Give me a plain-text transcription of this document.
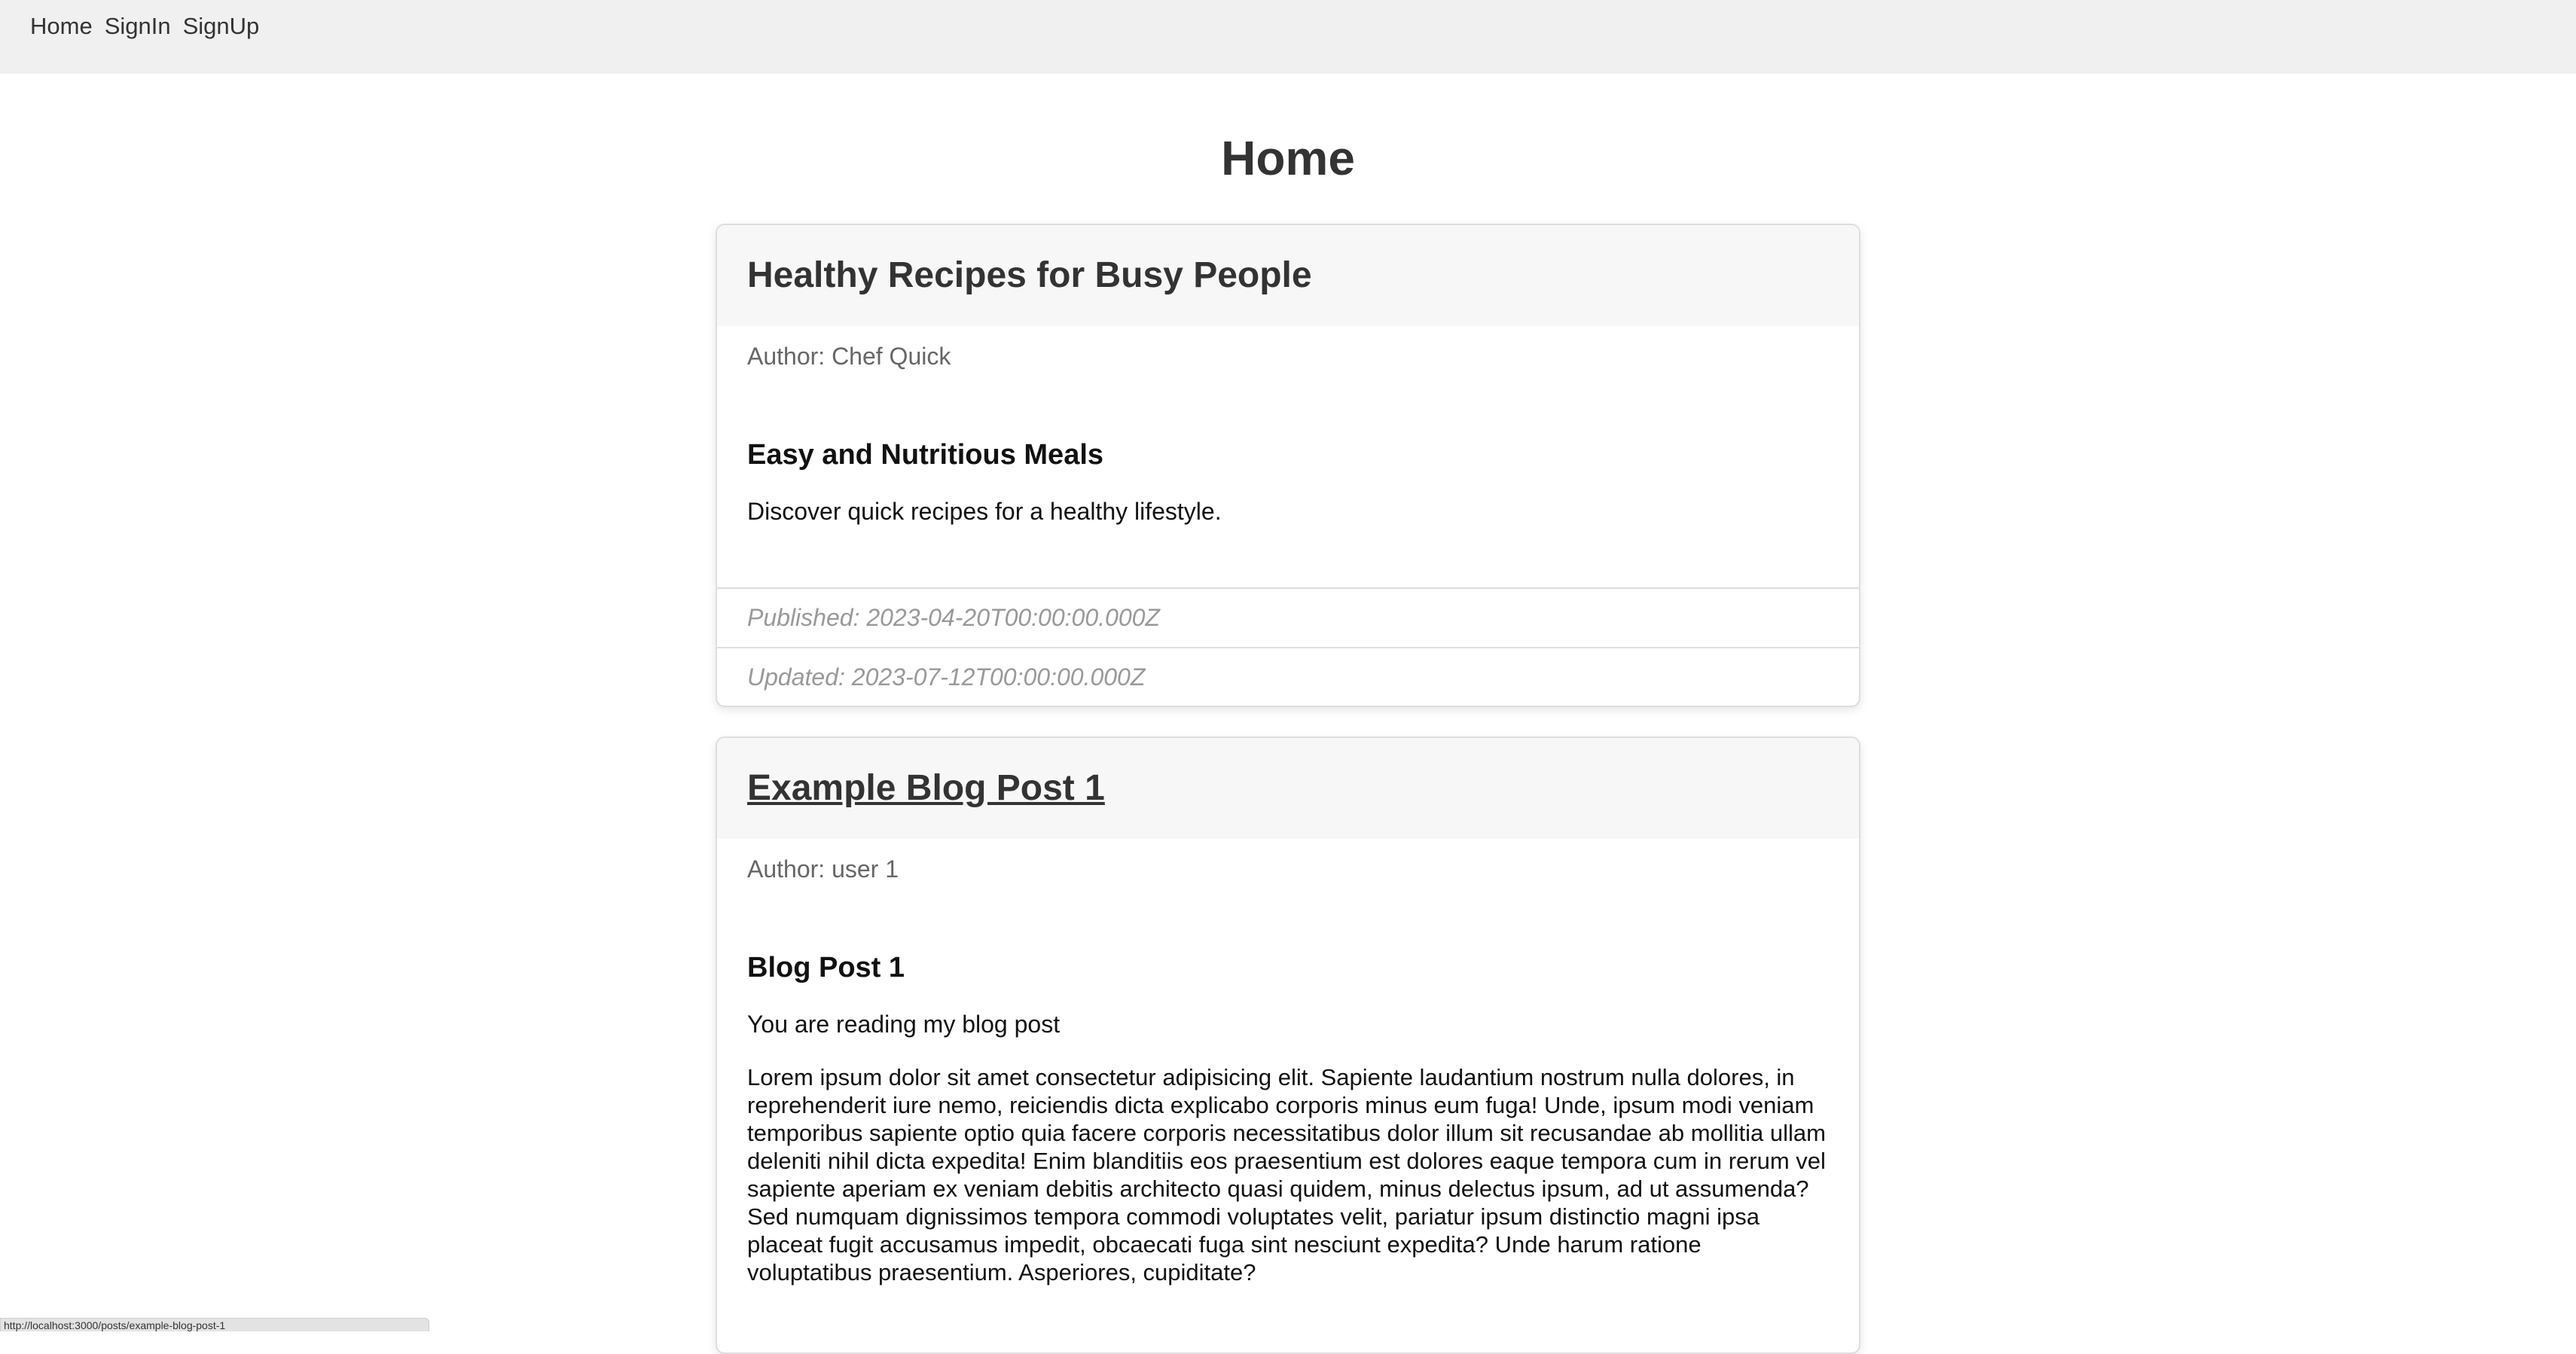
Home SignIn SignUp
Home
Healthy Recipes for Busy People
Author: Chef Quick
Easy and Nutritious Meals
Discover quick recipes for a healthy lifestyle.
Published: 2023-04-20T00:00:00.000Z
Updated: 2023-07-12T00:00:00.000Z
Example Blog Post 1
Author: user 1
Blog Post 1
You are reading my blog post
Lorem ipsum dolor sit amet consectetur adipisicing elit. Sapiente laudantium nostrum nulla dolores, in reprehenderit iure nemo, reiciendis dicta explicabo corporis minus eum fuga! Unde, ipsum modi veniam temporibus sapiente optio quia facere corporis necessitatibus dolor illum sit recusandae ab mollitia ullam deleniti nihil dicta expedita! Enim blanditiis eos praesentium est dolores eaque tempora cum in rerum vel sapiente aperiam ex veniam debitis architecto quasi quidem, minus delectus ipsum, ad ut assumenda? Sed numquam dignissimos tempora commodi voluptates velit, pariatur ipsum distinctio magni ipsa placeat fugit accusamus impedit, obcaecati fuga sint nesciunt expedita? Unde harum ratione voluptatibus praesentium. Asperiores, cupiditate?
http://localhost:3000/posts/example-blog-post-1
